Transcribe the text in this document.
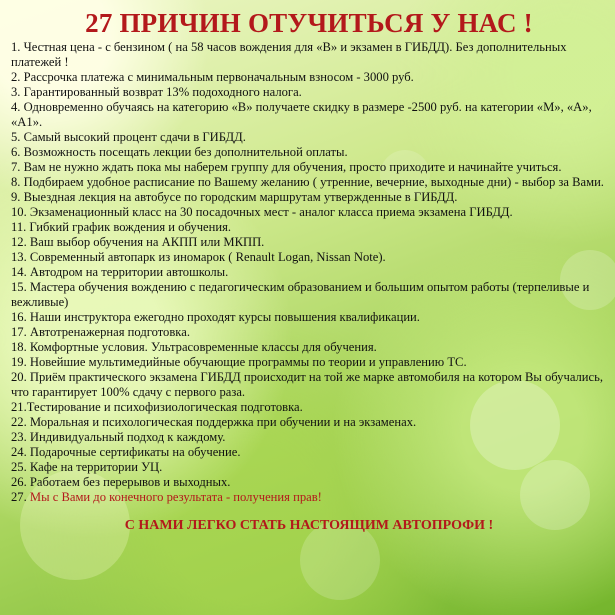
27 ПРИЧИН ОТУЧИТЬСЯ У НАС !
1. Честная цена - с бензином ( на 58 часов вождения для «В» и экзамен в ГИБДД). Без дополнительных платежей !
2. Рассрочка платежа с минимальным первоначальным взносом - 3000 руб.
3. Гарантированный возврат 13% подоходного налога.
4. Одновременно обучаясь на категорию «В» получаете скидку в размере -2500 руб. на категории «М», «А», «А1».
5. Самый высокий процент сдачи в ГИБДД.
6. Возможность посещать лекции без дополнительной оплаты.
7. Вам не нужно ждать пока мы наберем группу для обучения, просто приходите и начинайте учиться.
8. Подбираем удобное расписание по Вашему желанию ( утренние, вечерние, выходные дни) - выбор за Вами.
9. Выездная лекция на автобусе по городским маршрутам утвержденные в ГИБДД.
10. Экзаменационный класс на 30 посадочных мест - аналог класса приема экзамена ГИБДД.
11. Гибкий график вождения и обучения.
12. Ваш выбор обучения на АКПП или МКПП.
13. Современный автопарк из иномарок ( Renault Logan, Nissan Note).
14. Автодром на территории автошколы.
15. Мастера обучения вождению с педагогическим образованием и большим опытом работы (терпеливые и вежливые)
16. Наши инструктора ежегодно проходят курсы повышения квалификации.
17. Автотренажерная подготовка.
18. Комфортные условия. Ультрасовременные классы для обучения.
19. Новейшие мультимедийные обучающие программы по теории и управлению ТС.
20. Приём практического экзамена ГИБДД происходит на той же марке автомобиля на котором Вы обучались, что гарантирует 100% сдачу с первого раза.
21.Тестирование и психофизиологическая подготовка.
22. Моральная и психологическая поддержка при обучении и на экзаменах.
23. Индивидуальный подход к каждому.
24. Подарочные сертификаты на обучение.
25. Кафе на территории УЦ.
26. Работаем без перерывов и выходных.
27. Мы с Вами до конечного результата - получения прав!
С НАМИ ЛЕГКО СТАТЬ НАСТОЯЩИМ АВТОПРОФИ !
